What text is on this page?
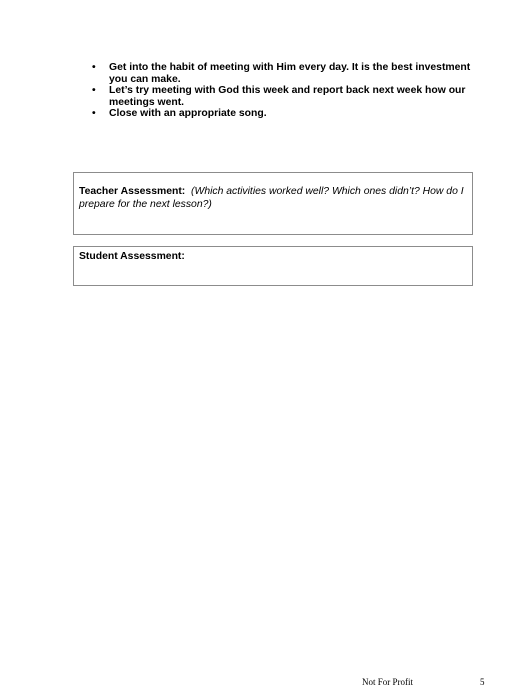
• Get into the habit of meeting with Him every day. It is the best investment you can make.
• Let’s try meeting with God this week and report back next week how our meetings went.
• Close with an appropriate song.
Teacher Assessment: (Which activities worked well? Which ones didn’t? How do I prepare for the next lesson?)
Student Assessment:
Not For Profit	5
